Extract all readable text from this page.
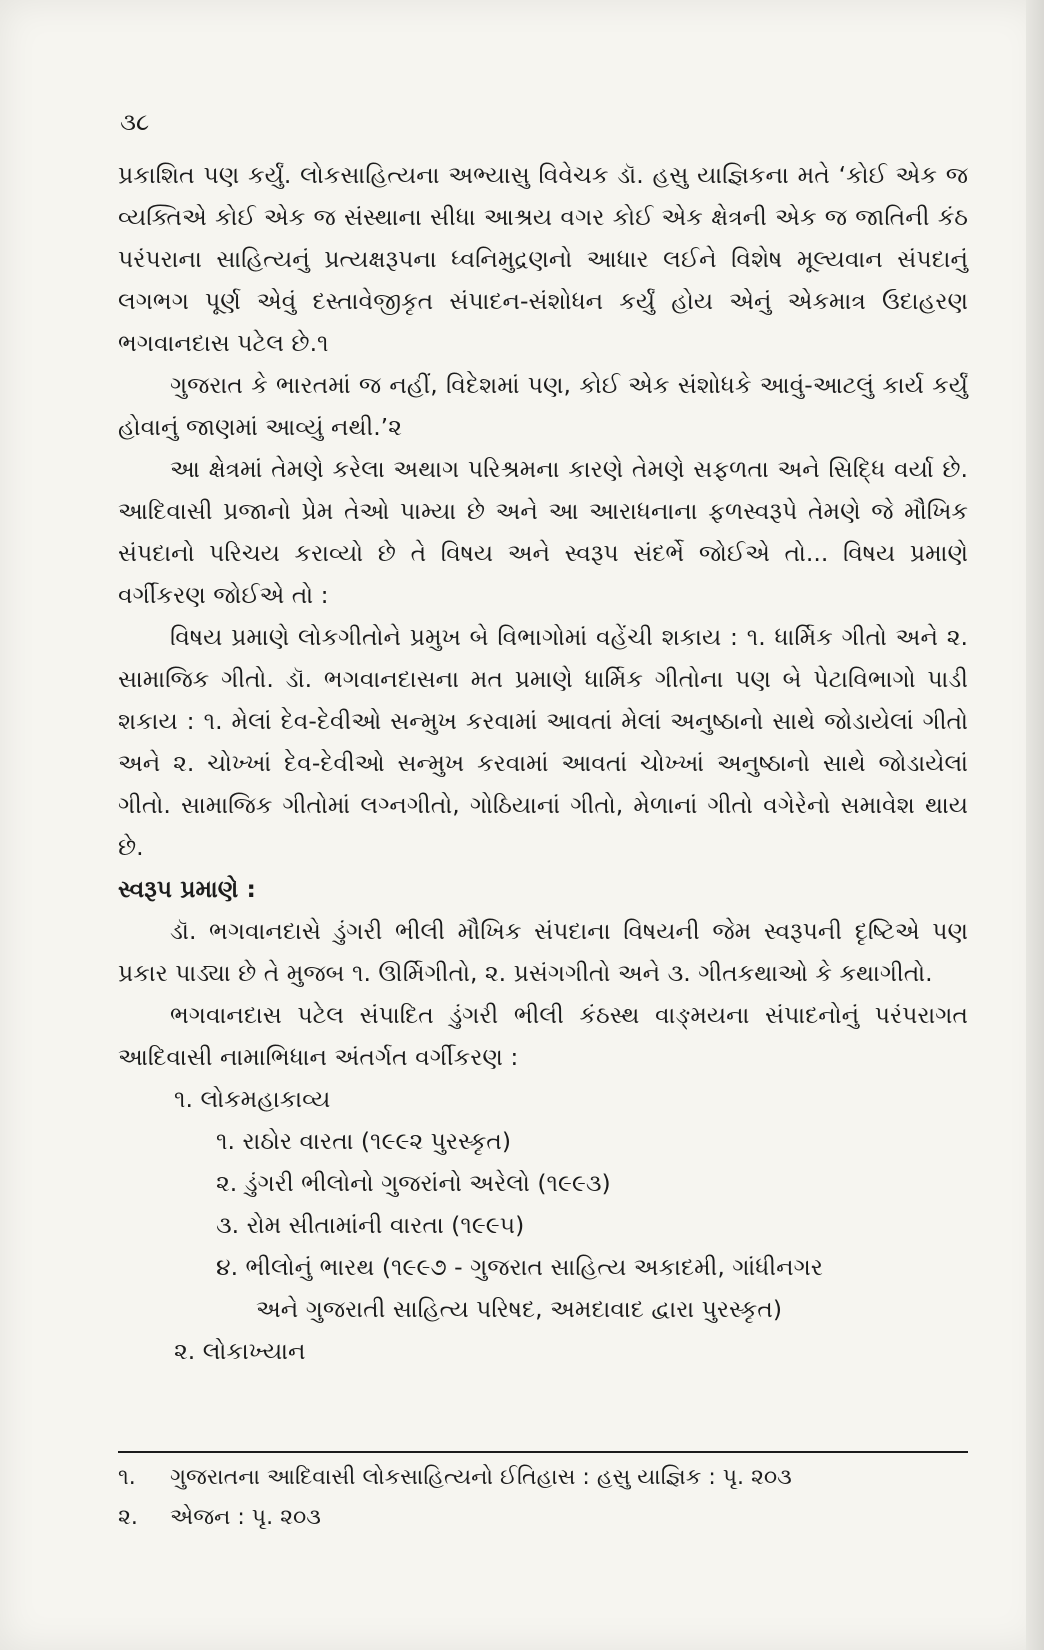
૩૮

પ્રકાશિત પણ કર્યું. લોકસાહિત્યના અભ્યાસુ વિવેચક ડૉ. હસુ યાજ્ઞિકના મતે ‘કોઈ એક જ વ્યક્તિએ કોઈ એક જ સંસ્થાના સીધા આશ્રય વગર કોઈ એક ક્ષેત્રની એક જ જાતિની કંઠ પરંપરાના સાહિત્યનું પ્રત્યક્ષરૂપના ધ્વનિમુદ્રણનો આધાર લઈને વિશેષ મૂલ્યવાન સંપદાનું લગભગ પૂર્ણ એવું દસ્તાવેજીકૃત સંપાદન-સંશોધન કર્યું હોય એનું એકમાત્ર ઉદાહરણ ભગવાનદાસ પટેલ છે.૧

ગુજરાત કે ભારતમાં જ નહીં, વિદેશમાં પણ, કોઈ એક સંશોધકે આવું-આટલું કાર્ય કર્યું હોવાનું જાણમાં આવ્યું નથી.’૨

આ ક્ષેત્રમાં તેમણે કરેલા અથાગ પરિશ્રમના કારણે તેમણે સફળતા અને સિદ્ધિ વર્યા છે. આદિવાસી પ્રજાનો પ્રેમ તેઓ પામ્યા છે અને આ આરાધનાના ફળસ્વરૂપે તેમણે જે મૌખિક સંપદાનો પરિચય કરાવ્યો છે તે વિષય અને સ્વરૂપ સંદર્ભે જોઈએ તો... વિષય પ્રમાણે વર્ગીકરણ જોઈએ તો :

વિષય પ્રમાણે લોકગીતોને પ્રમુખ બે વિભાગોમાં વહેંચી શકાય : ૧. ધાર્મિક ગીતો અને ૨. સામાજિક ગીતો. ડૉ. ભગવાનદાસના મત પ્રમાણે ધાર્મિક ગીતોના પણ બે પેટાવિભાગો પાડી શકાય : ૧. મેલાં દેવ-દેવીઓ સન્મુખ કરવામાં આવતાં મેલાં અનુષ્ઠાનો સાથે જોડાયેલાં ગીતો અને ૨. ચોખ્ખાં દેવ-દેવીઓ સન્મુખ કરવામાં આવતાં ચોખ્ખાં અનુષ્ઠાનો સાથે જોડાયેલાં ગીતો. સામાજિક ગીતોમાં લગ્નગીતો, ગોઠિયાનાં ગીતો, મેળાનાં ગીતો વગેરેનો સમાવેશ થાય છે.

સ્વરૂપ પ્રમાણે :

ડૉ. ભગવાનદાસે ડુંગરી ભીલી મૌખિક સંપદાના વિષયની જેમ સ્વરૂપની દૃષ્ટિએ પણ પ્રકાર પાડ્યા છે તે મુજબ ૧. ઊર્મિગીતો, ૨. પ્રસંગગીતો અને ૩. ગીતકથાઓ કે કથાગીતો.

ભગવાનદાસ પટેલ સંપાદિત ડુંગરી ભીલી કંઠસ્થ વાઙ્મયના સંપાદનોનું પરંપરાગત આદિવાસી નામાભિધાન અંતર્ગત વર્ગીકરણ :

૧. લોકમહાકાવ્ય
૧. રાઠોર વારતા (૧૯૯૨ પુરસ્કૃત)
૨. ડુંગરી ભીલોનો ગુજરાંનો અરેલો (૧૯૯૩)
૩. રોમ સીતામાંની વારતા (૧૯૯૫)
૪. ભીલોનું ભારથ (૧૯૯૭ - ગુજરાત સાહિત્ય અકાદમી, ગાંધીનગર
અને ગુજરાતી સાહિત્ય પરિષદ, અમદાવાદ દ્વારા પુરસ્કૃત)
૨. લોકાખ્યાન
૧.	ગુજરાતના આદિવાસી લોકસાહિત્યનો ઈતિહાસ : હસુ યાજ્ઞિક : પૃ. ૨૦૩
૨.	એજન : પૃ. ૨૦૩
